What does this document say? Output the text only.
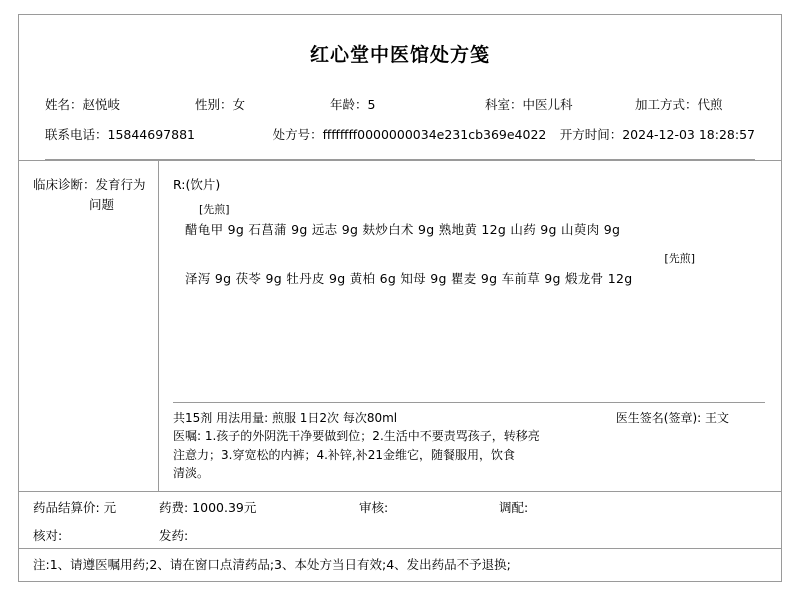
红心堂中医馆处方笺
姓名：赵悦岐	性别：女	年龄：5	科室：中医儿科	加工方式：代煎
联系电话：15844697881	处方号：ffffffff0000000034e231cb369e4022	开方时间：2024-12-03 18:28:57
临床诊断：发育行为
问题
R:(饮片)
[先煎]
醋龟甲 9g 石菖蒲 9g 远志 9g 麸炒白术 9g 熟地黄 12g 山药 9g 山萸肉 9g
[先煎]
泽泻 9g 茯苓 9g 牡丹皮 9g 黄柏 6g 知母 9g 瞿麦 9g 车前草 9g 煅龙骨 12g
共15剂 用法用量: 煎服 1日2次 每次80ml	医生签名(签章): 王文
医嘱: 1.孩子的外阴洗干净要做到位；2.生活中不要责骂孩子，转移亮
注意力；3.穿宽松的内裤；4.补锌,补21金维它，随餐服用，饮食
清淡。
药品结算价: 元	药费: 1000.39元	审核:	调配:
核对:	发药:
注:1、请遵医嘱用药;2、请在窗口点清药品;3、本处方当日有效;4、发出药品不予退换;
